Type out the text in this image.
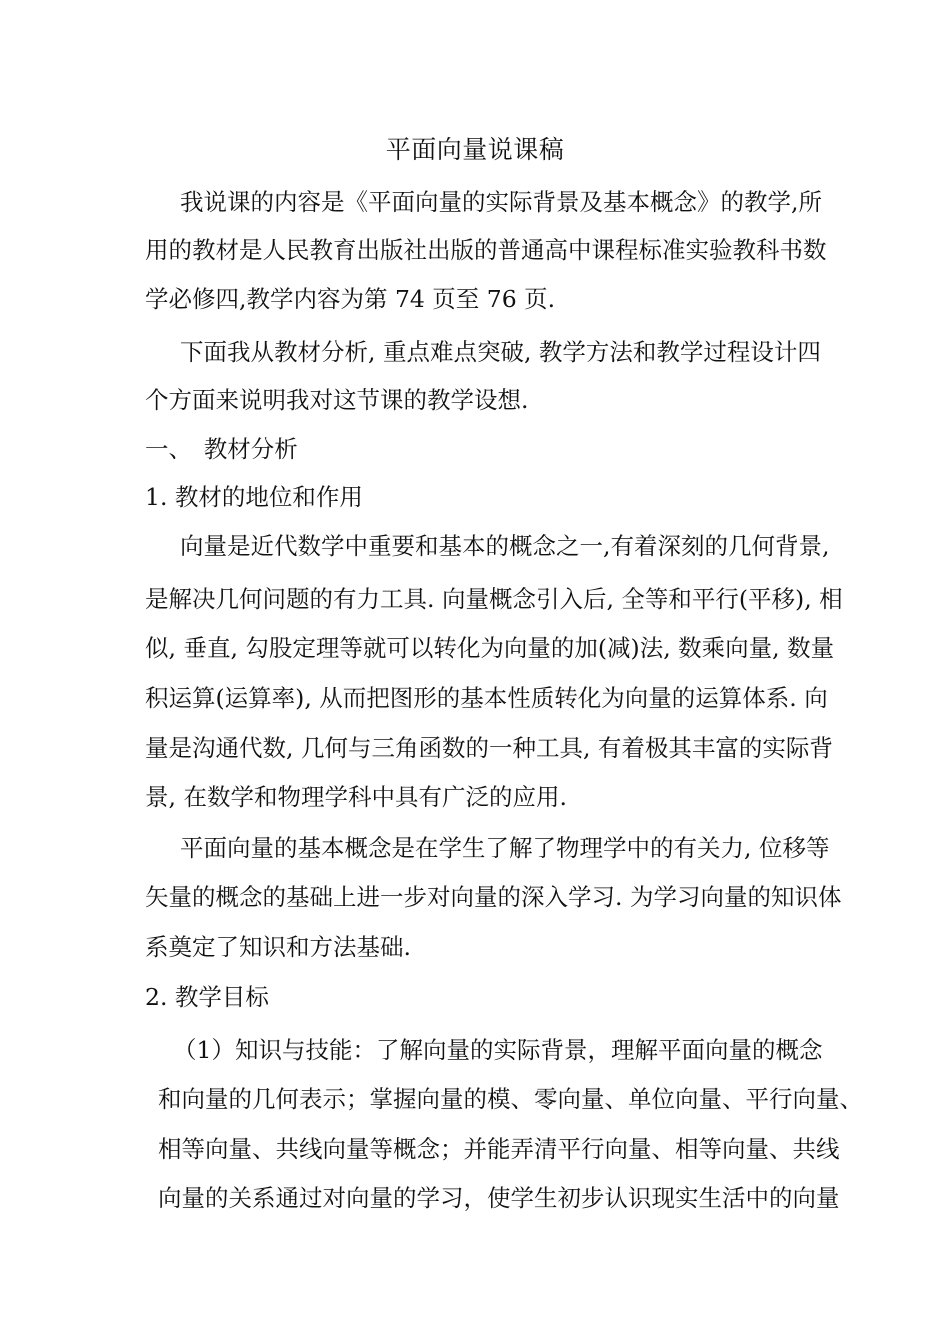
平面向量说课稿
我说课的内容是《平面向量的实际背景及基本概念》的教学,所
用的教材是人民教育出版社出版的普通高中课程标准实验教科书数
学必修四,教学内容为第 74 页至 76 页.
下面我从教材分析, 重点难点突破, 教学方法和教学过程设计四
个方面来说明我对这节课的教学设想.
一、　教材分析
1. 教材的地位和作用
向量是近代数学中重要和基本的概念之一,有着深刻的几何背景,
是解决几何问题的有力工具. 向量概念引入后, 全等和平行(平移), 相
似, 垂直, 勾股定理等就可以转化为向量的加(减)法, 数乘向量, 数量
积运算(运算率), 从而把图形的基本性质转化为向量的运算体系. 向
量是沟通代数, 几何与三角函数的一种工具, 有着极其丰富的实际背
景, 在数学和物理学科中具有广泛的应用.
平面向量的基本概念是在学生了解了物理学中的有关力, 位移等
矢量的概念的基础上进一步对向量的深入学习. 为学习向量的知识体
系奠定了知识和方法基础.
2. 教学目标
（1）知识与技能：了解向量的实际背景，理解平面向量的概念
和向量的几何表示；掌握向量的模、零向量、单位向量、平行向量、
相等向量、共线向量等概念；并能弄清平行向量、相等向量、共线
向量的关系通过对向量的学习，使学生初步认识现实生活中的向量
